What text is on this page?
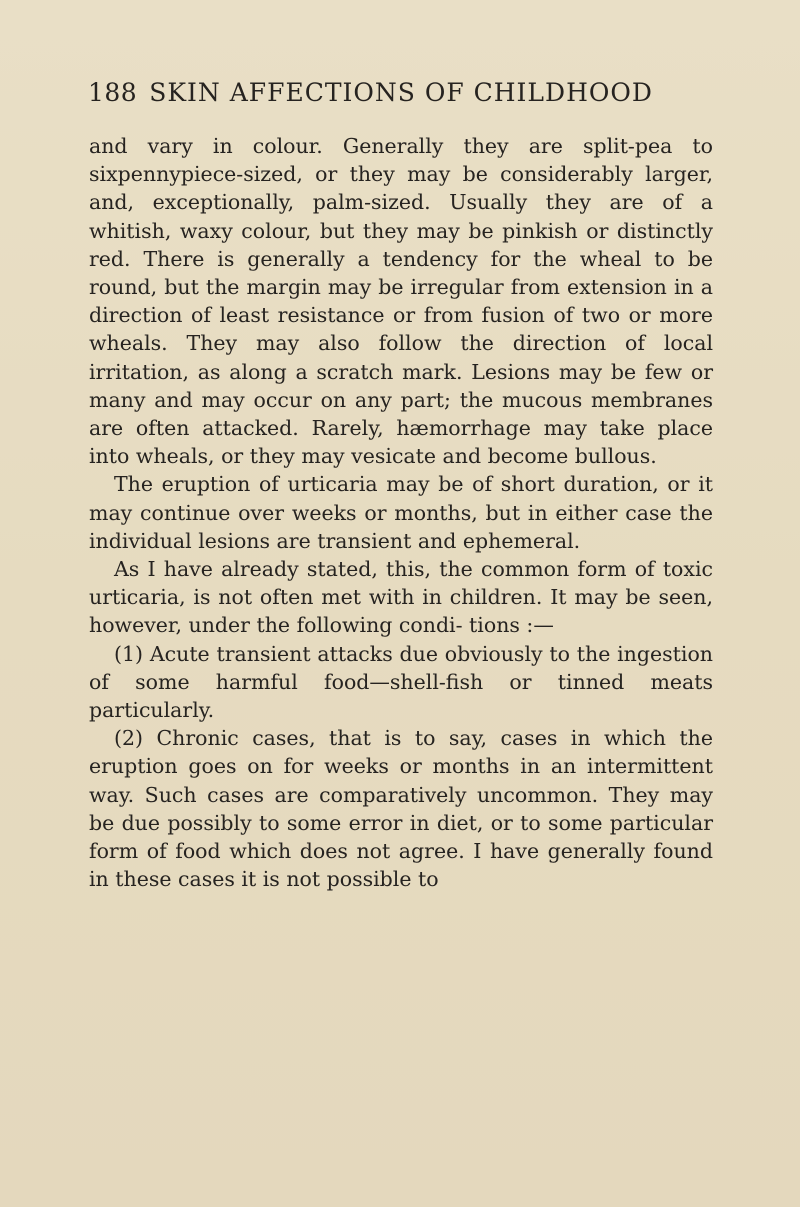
188 SKIN AFFECTIONS OF CHILDHOOD

and vary in colour. Generally they are split-pea to sixpennypiece-sized, or they may be considerably larger, and, exceptionally, palm-sized. Usually they are of a whitish, waxy colour, but they may be pinkish or distinctly red. There is generally a tendency for the wheal to be round, but the margin may be irregular from extension in a direction of least resistance or from fusion of two or more wheals. They may also follow the direction of local irritation, as along a scratch mark. Lesions may be few or many and may occur on any part; the mucous membranes are often attacked. Rarely, hæmorrhage may take place into wheals, or they may vesicate and become bullous.

The eruption of urticaria may be of short duration, or it may continue over weeks or months, but in either case the individual lesions are transient and ephemeral.

As I have already stated, this, the common form of toxic urticaria, is not often met with in children. It may be seen, however, under the following condi- tions :—

(1) Acute transient attacks due obviously to the ingestion of some harmful food—shell-fish or tinned meats particularly.

(2) Chronic cases, that is to say, cases in which the eruption goes on for weeks or months in an intermittent way. Such cases are comparatively uncommon. They may be due possibly to some error in diet, or to some particular form of food which does not agree. I have generally found in these cases it is not possible to
